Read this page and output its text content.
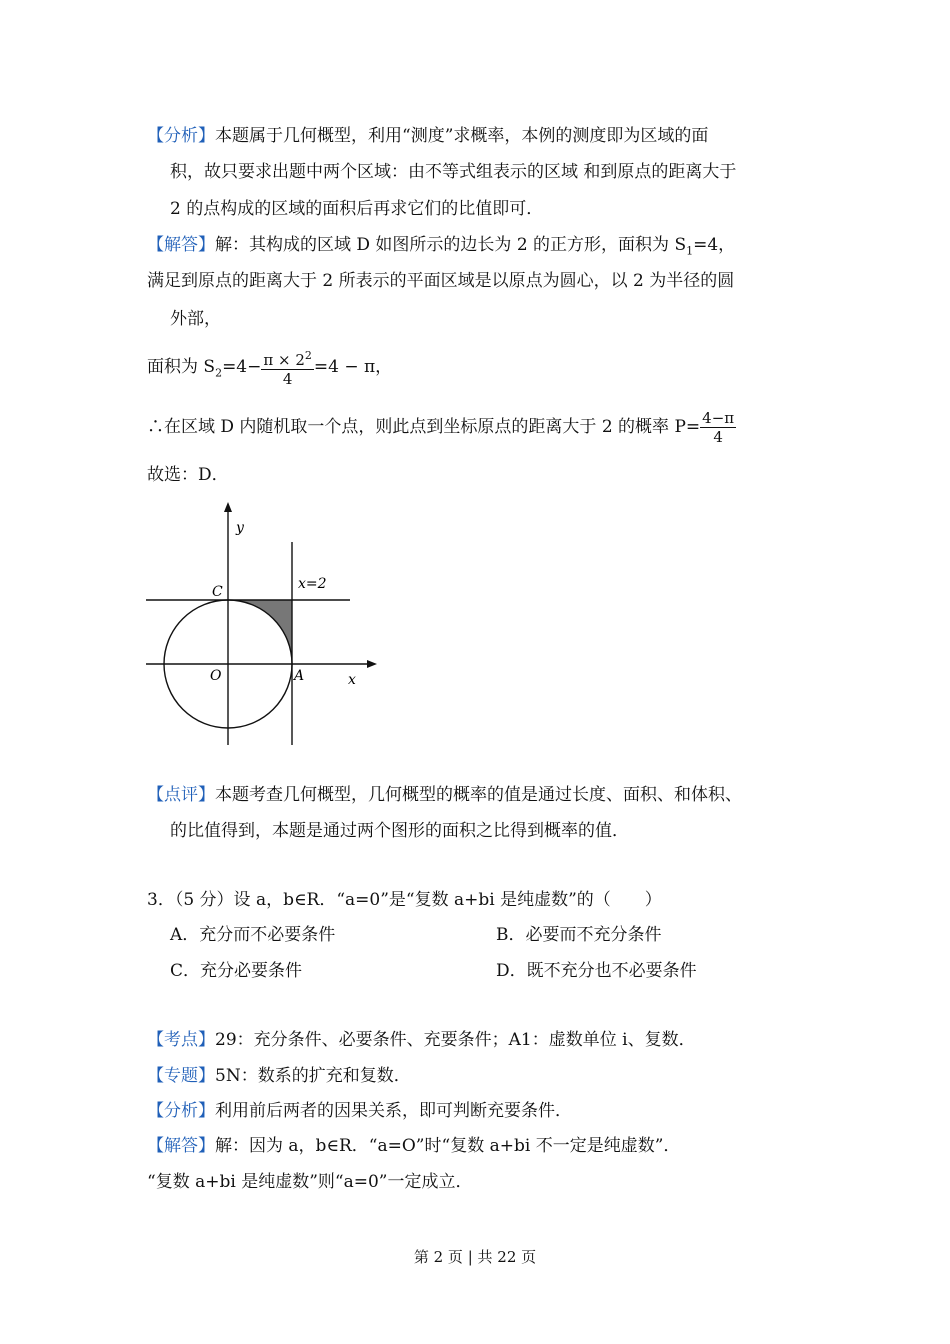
【分析】本题属于几何概型，利用“测度”求概率，本例的测度即为区域的面
积，故只要求出题中两个区域：由不等式组表示的区域 和到原点的距离大于
2 的点构成的区域的面积后再求它们的比值即可．
【解答】解：其构成的区域 D 如图所示的边长为 2 的正方形，面积为 $S_1=4$，
满足到原点的距离大于 2 所表示的平面区域是以原点为圆心，以 2 为半径的圆
外部，
面积为 $S_2=4- \frac{\pi \times 2^2}{4} =4 - \pi$，
∴在区域 D 内随机取一个点，则此点到坐标原点的距离大于 2 的概率 $P= \frac{4-\pi}{4}$
故选：D．
y
x
C
O	A
x=2
【点评】本题考查几何概型，几何概型的概率的值是通过长度、面积、和体积、
的比值得到，本题是通过两个图形的面积之比得到概率的值．
3．（5 分）设 a，b∈R．“a=0”是“复数 a+bi 是纯虚数”的（　　）
A．充分而不必要条件	B．必要而不充分条件
C．充分必要条件	D．既不充分也不必要条件
【考点】29：充分条件、必要条件、充要条件；A1：虚数单位 i、复数．
【专题】5N：数系的扩充和复数．
【分析】利用前后两者的因果关系，即可判断充要条件．
【解答】解：因为 a，b∈R．“a=O”时“复数 a+bi 不一定是纯虚数”．
“复数 a+bi 是纯虚数”则“a=0”一定成立．
第 2 页 | 共 22 页
